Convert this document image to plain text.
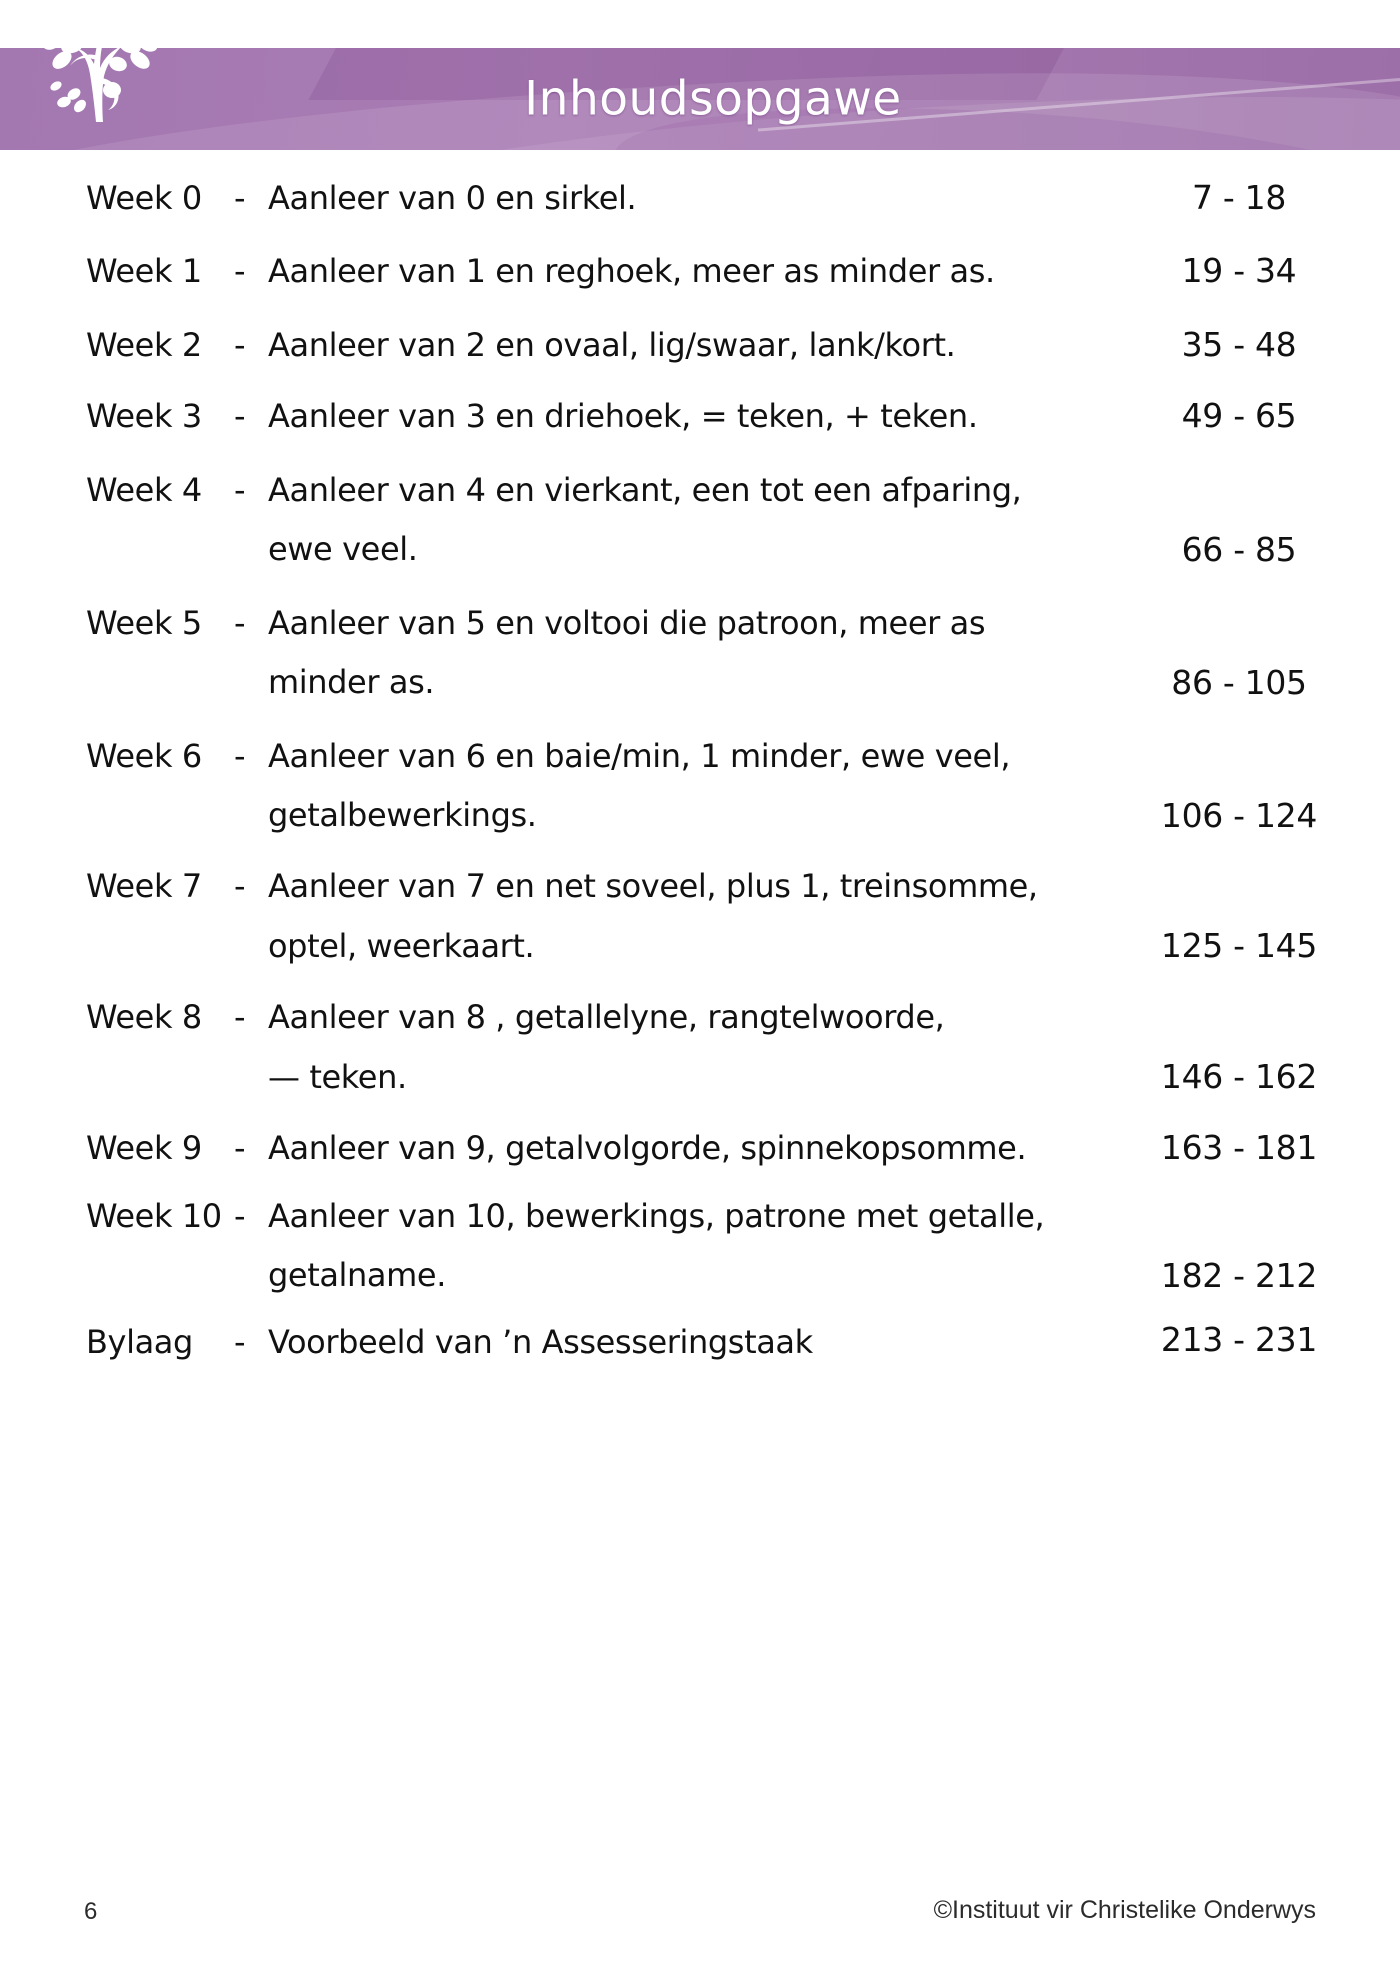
Inhoudsopgawe
Week 0	- Aanleer van 0 en sirkel.	7 - 18
Week 1	- Aanleer van 1 en reghoek, meer as minder as.	19 - 34
Week 2	- Aanleer van 2 en ovaal, lig/swaar, lank/kort.	35 - 48
Week 3	- Aanleer van 3 en driehoek, = teken, + teken.	49 - 65
Week 4	- Aanleer van 4 en vierkant, een tot een afparing,
ewe veel.	66 - 85
Week 5	- Aanleer van 5 en voltooi die patroon, meer as
minder as.	86 - 105
Week 6	- Aanleer van 6 en baie/min, 1 minder, ewe veel,
getalbewerkings.	106 - 124
Week 7	- Aanleer van 7 en net soveel, plus 1, treinsomme,
optel, weerkaart.	125 - 145
Week 8	- Aanleer van 8 , getallelyne, rangtelwoorde,
— teken.	146 - 162
Week 9	- Aanleer van 9, getalvolgorde, spinnekopsomme.	163 - 181
Week 10 - Aanleer van 10, bewerkings, patrone met getalle,
getalname.	182 - 212
Bylaag	- Voorbeeld van ’n Assesseringstaak	213 - 231
6	©Instituut vir Christelike Onderwys
